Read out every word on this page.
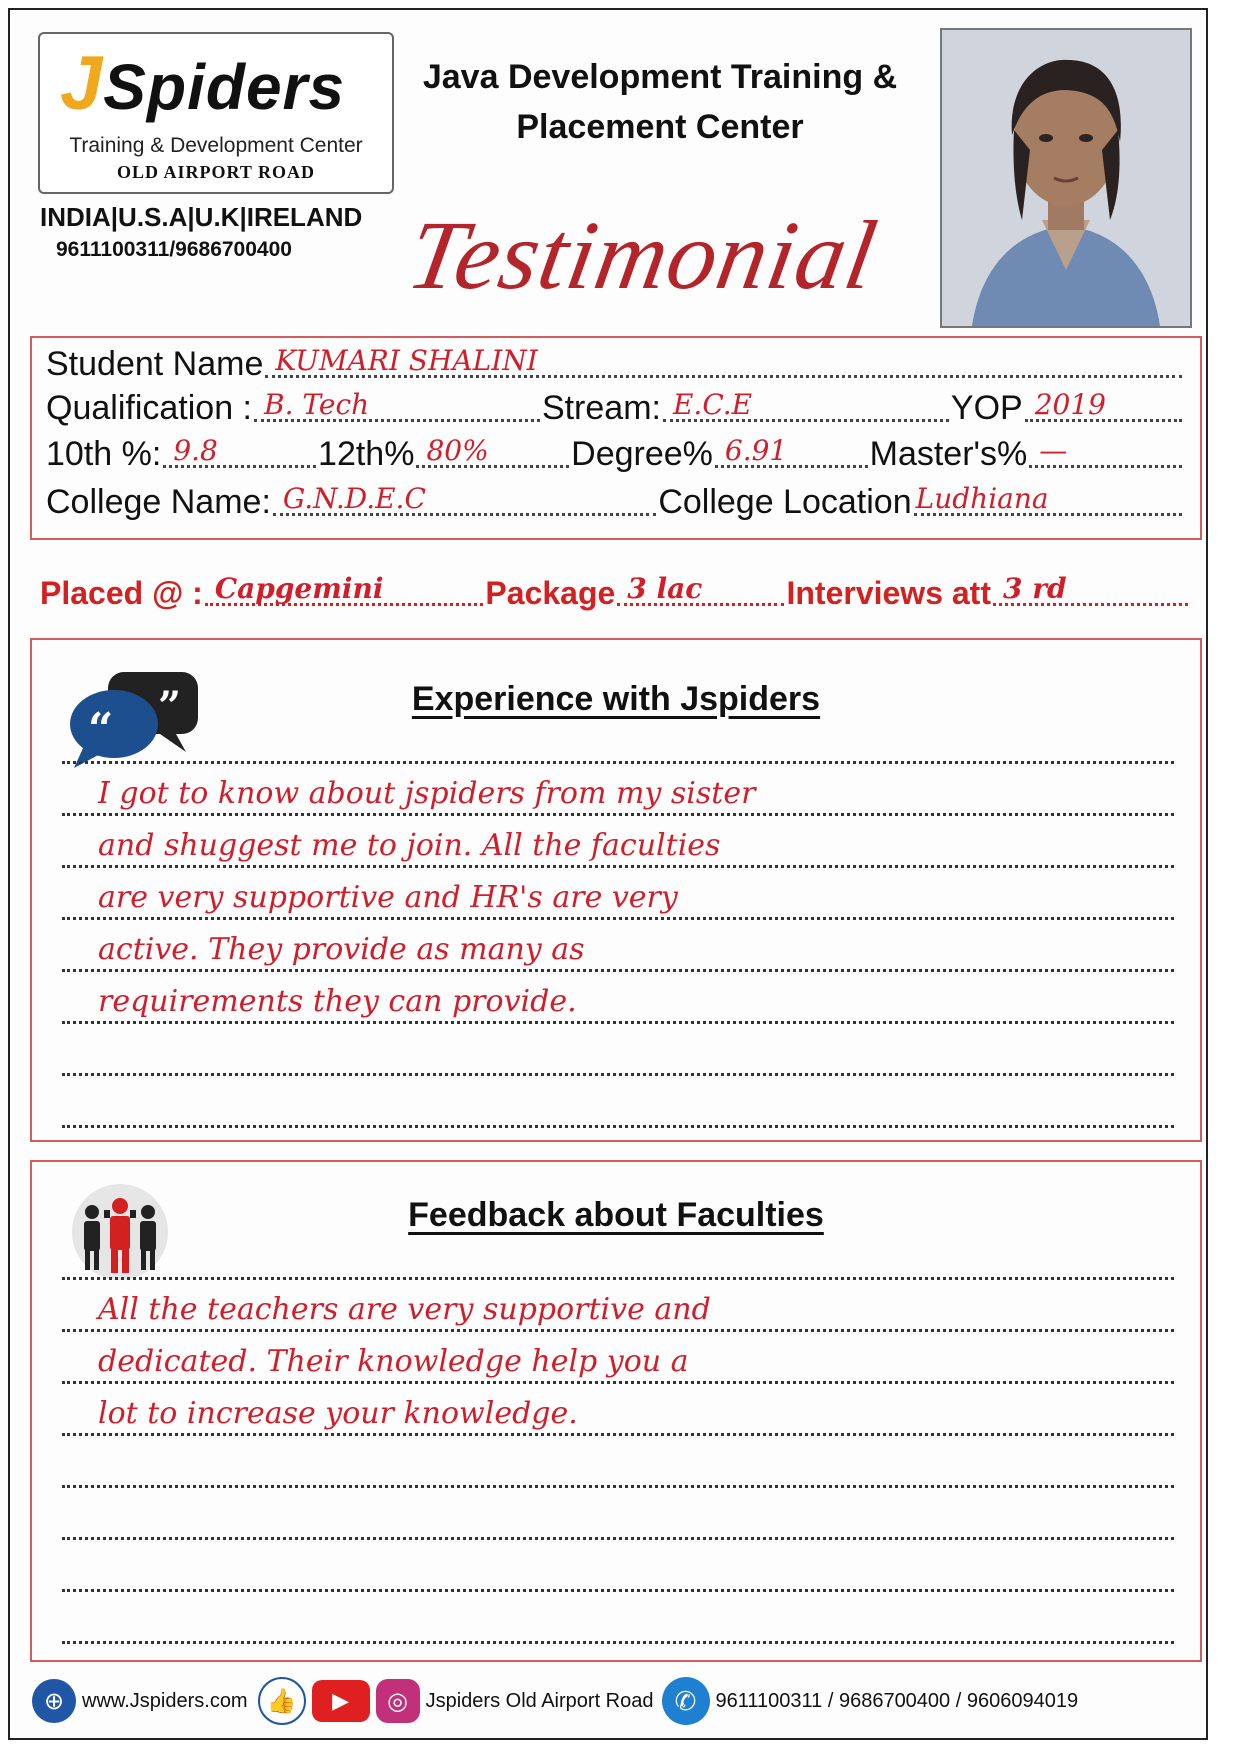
JSpiders
Training & Development Center
OLD AIRPORT ROAD
INDIA|U.S.A|U.K|IRELAND
9611100311/9686700400
Java Development Training & Placement Center
Testimonial
Student Name KUMARI SHALINI
Qualification : B. Tech	Stream: E.C.E	YOP 2019
10th %: 9.8	12th% 80% Degree% 6.91 Master's% —
College Name: G.N.D.E.C	College Location Ludhiana
Placed @ : Capgemini	Package 3 lac	Interviews att 3 rd
”
“
Experience with Jspiders
I got to know about jspiders from my sister
and shuggest me to join. All the faculties
are very supportive and HR's are very
active. They provide as many as
requirements they can provide.
Feedback about Faculties
All the teachers are very supportive and
dedicated. Their knowledge help you a
lot to increase your knowledge.
⊕ www.Jspiders.com 👍	▶	◎ Jspiders Old Airport Road ✆ 9611100311 / 9686700400 / 9606094019
